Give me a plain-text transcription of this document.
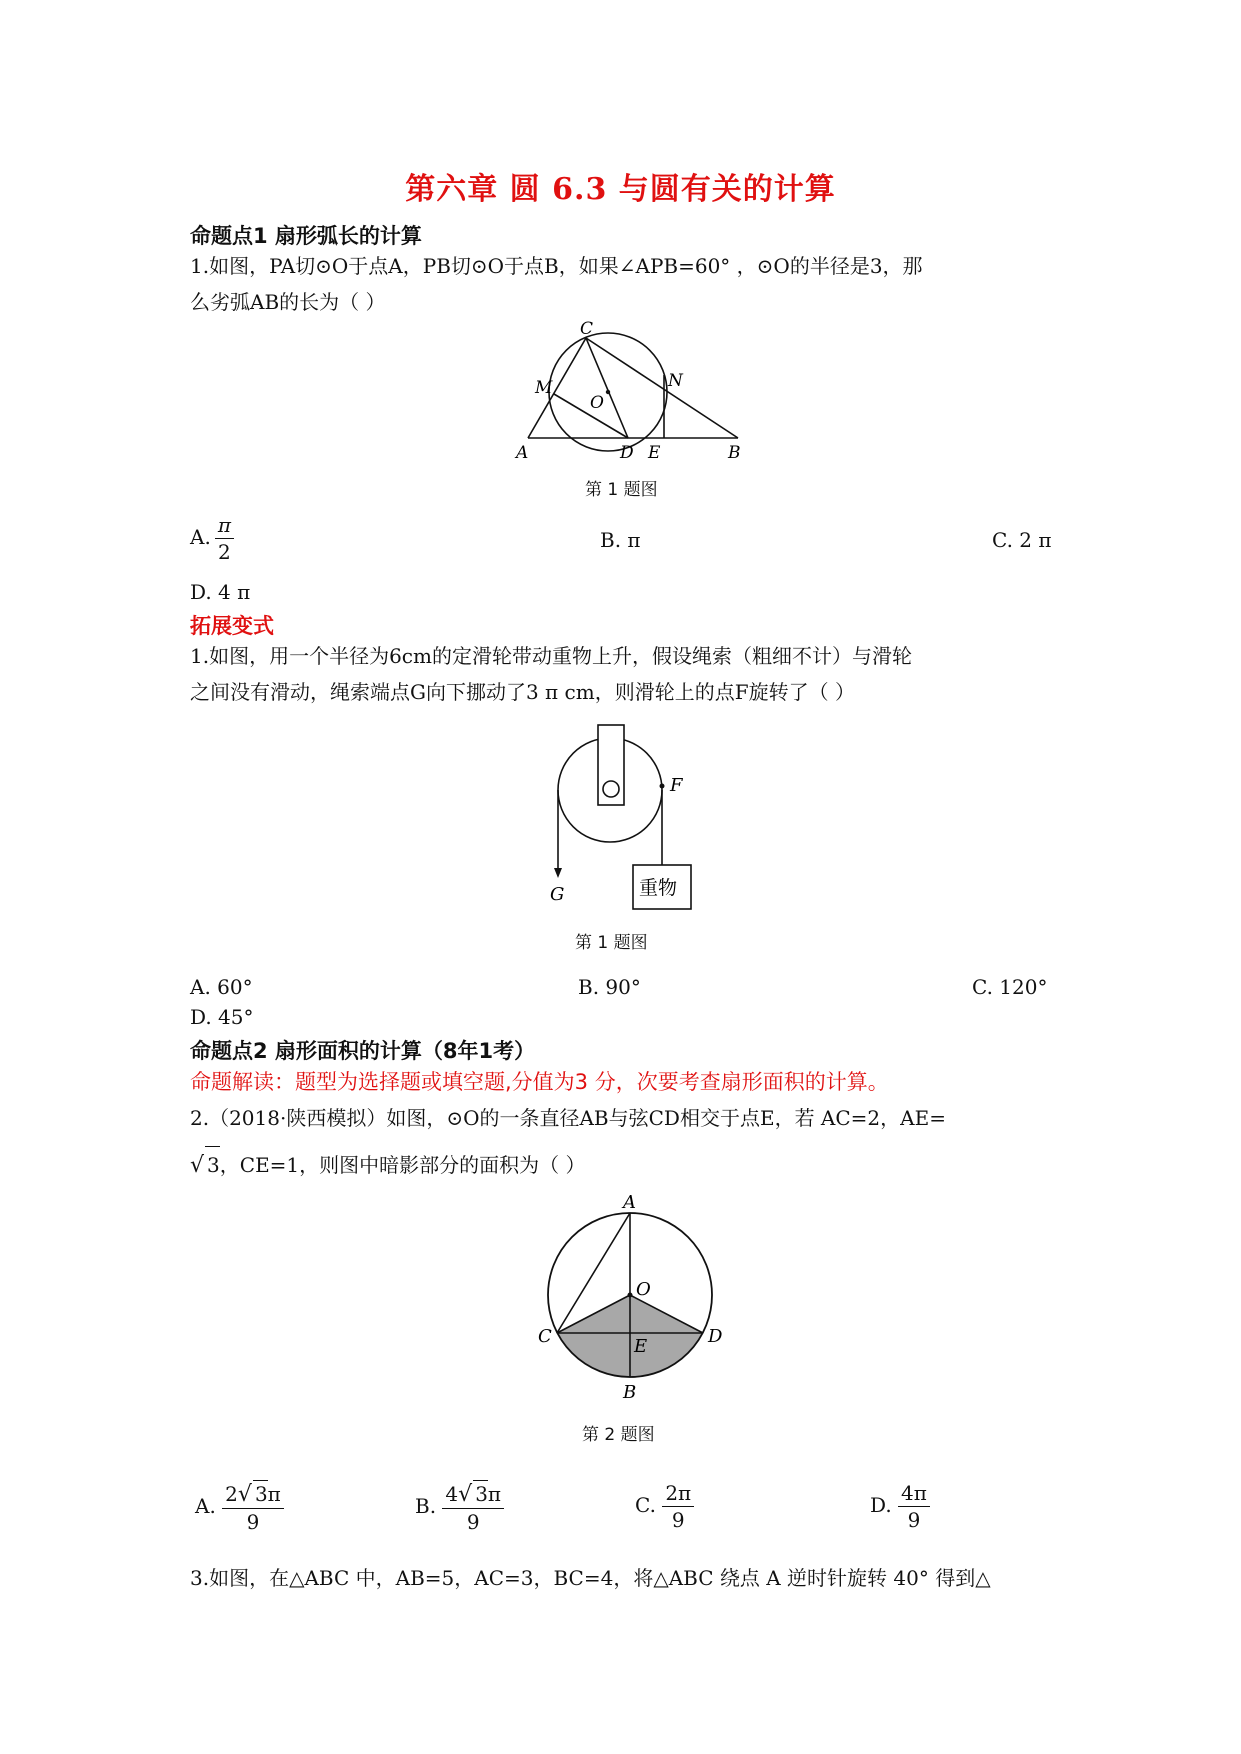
第六章 圆 6.3 与圆有关的计算
命题点1 扇形弧长的计算
1.如图，PA切⊙O于点A，PB切⊙O于点B，如果∠APB=60° ，⊙O的半径是3，那
么劣弧AB的长为（ ）
C
M
O
N
A	D E	B
第 1 题图
A. $\frac{\pi}{2}$	B. π	C. 2 π
D. 4 π
拓展变式
1.如图，用一个半径为6cm的定滑轮带动重物上升，假设绳索（粗细不计）与滑轮
之间没有滑动，绳索端点G向下挪动了3 π cm，则滑轮上的点F旋转了（ ）
F
G	重物
第 1 题图
A. 60°	B. 90°	C. 120°
D. 45°
命题点2 扇形面积的计算（8年1考）
命题解读：题型为选择题或填空题,分值为3 分，次要考查扇形面积的计算。
2.（2018·陕西模拟）如图，⊙O的一条直径AB与弦CD相交于点E，若 AC=2，AE=
√ 3，CE=1，则图中暗影部分的面积为（ ）
A
O
C	E	D
B
第 2 题图
A. $\frac{2√ 3\pi}{9}$	B. $\frac{4√ 3\pi}{9}$	C. $\frac{2\pi}{9}$	D. $\frac{4\pi}{9}$
3.如图，在△ABC 中，AB=5，AC=3，BC=4，将△ABC 绕点 A 逆时针旋转 40° 得到△
